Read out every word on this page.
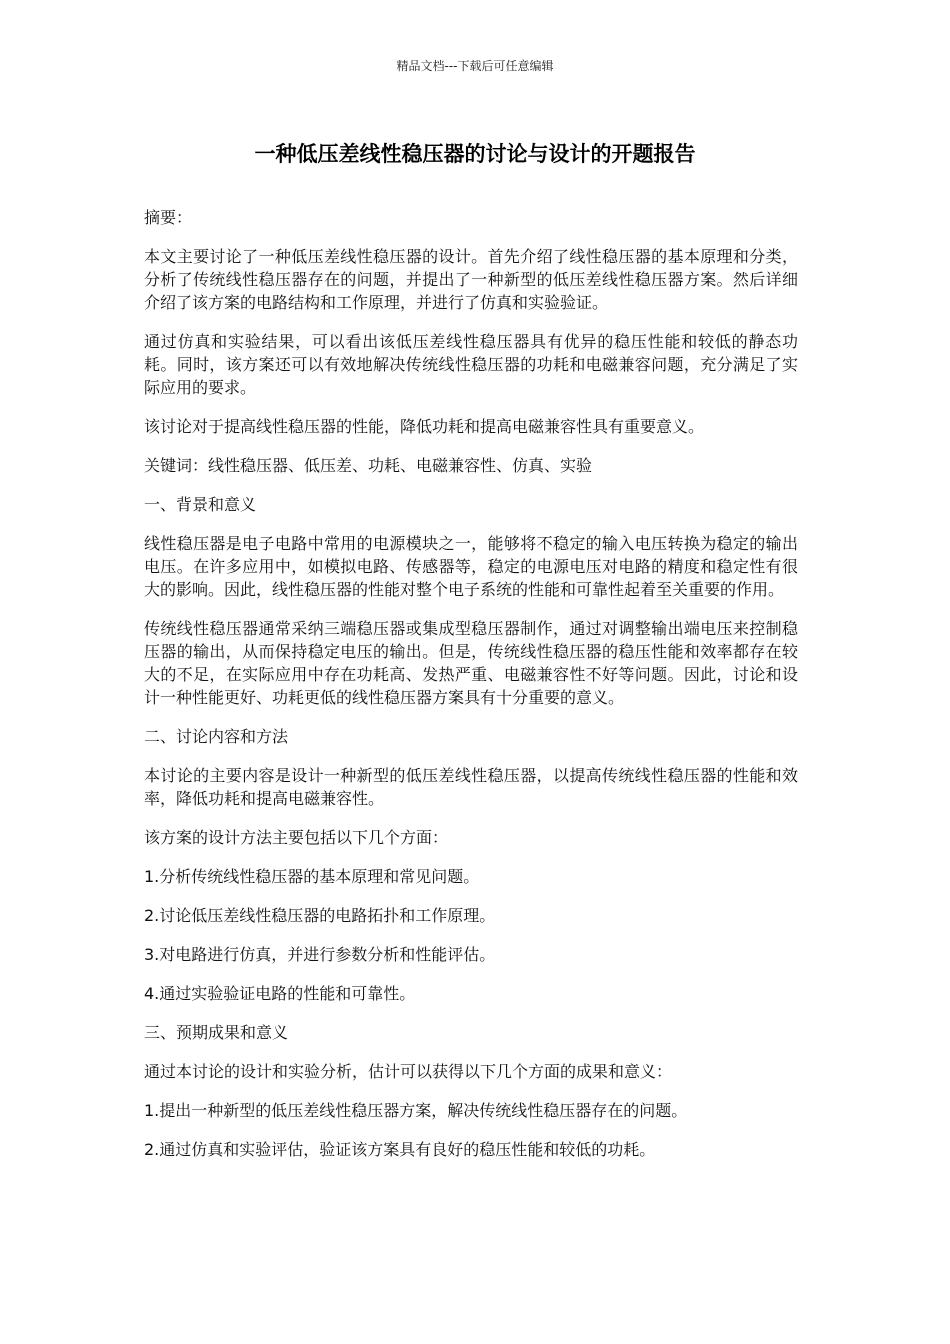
精品文档---下载后可任意编辑
一种低压差线性稳压器的讨论与设计的开题报告

摘要：

本文主要讨论了一种低压差线性稳压器的设计。首先介绍了线性稳压器的基本原理和分类，分析了传统线性稳压器存在的问题，并提出了一种新型的低压差线性稳压器方案。然后详细介绍了该方案的电路结构和工作原理，并进行了仿真和实验验证。

通过仿真和实验结果，可以看出该低压差线性稳压器具有优异的稳压性能和较低的静态功耗。同时，该方案还可以有效地解决传统线性稳压器的功耗和电磁兼容问题，充分满足了实际应用的要求。

该讨论对于提高线性稳压器的性能，降低功耗和提高电磁兼容性具有重要意义。

关键词：线性稳压器、低压差、功耗、电磁兼容性、仿真、实验

一、背景和意义

线性稳压器是电子电路中常用的电源模块之一，能够将不稳定的输入电压转换为稳定的输出电压。在许多应用中，如模拟电路、传感器等，稳定的电源电压对电路的精度和稳定性有很大的影响。因此，线性稳压器的性能对整个电子系统的性能和可靠性起着至关重要的作用。

传统线性稳压器通常采纳三端稳压器或集成型稳压器制作，通过对调整输出端电压来控制稳压器的输出，从而保持稳定电压的输出。但是，传统线性稳压器的稳压性能和效率都存在较大的不足，在实际应用中存在功耗高、发热严重、电磁兼容性不好等问题。因此，讨论和设计一种性能更好、功耗更低的线性稳压器方案具有十分重要的意义。

二、讨论内容和方法

本讨论的主要内容是设计一种新型的低压差线性稳压器，以提高传统线性稳压器的性能和效率，降低功耗和提高电磁兼容性。

该方案的设计方法主要包括以下几个方面：

1.分析传统线性稳压器的基本原理和常见问题。

2.讨论低压差线性稳压器的电路拓扑和工作原理。

3.对电路进行仿真，并进行参数分析和性能评估。

4.通过实验验证电路的性能和可靠性。

三、预期成果和意义

通过本讨论的设计和实验分析，估计可以获得以下几个方面的成果和意义：

1.提出一种新型的低压差线性稳压器方案，解决传统线性稳压器存在的问题。

2.通过仿真和实验评估，验证该方案具有良好的稳压性能和较低的功耗。
